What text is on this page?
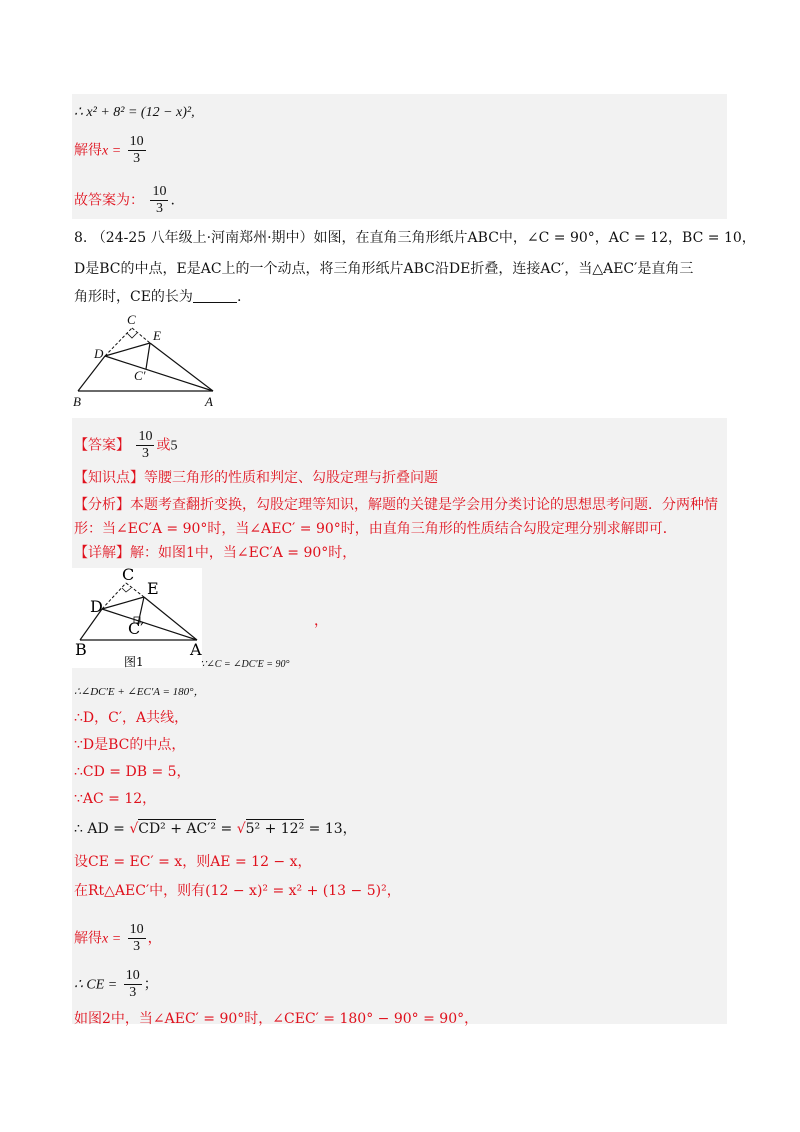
∴ x² + 8² = (12 − x)²,
解得$x = \frac{10}{3}$
故答案为： $\frac{10}{3}$ .
8. （24-25 八年级上·河南郑州·期中）如图，在直角三角形纸片ABC中，∠C = 90°，AC = 12，BC = 10，
D是BC的中点，E是AC上的一个动点，将三角形纸片ABC沿DE折叠，连接AC′，当△AEC′是直角三
角形时，CE的长为	.
C
E
D
C′
B	A
【答案】 $\frac{10}{3}$ 或5
【知识点】等腰三角形的性质和判定、勾股定理与折叠问题
【分析】本题考查翻折变换，勾股定理等知识，解题的关键是学会用分类讨论的思想思考问题．分两种情
形：当∠EC′A = 90°时，当∠AEC′ = 90°时，由直角三角形的性质结合勾股定理分别求解即可．
【详解】解：如图1中，当∠EC′A = 90°时，
C
E
D
C′
B	A
图1
，
∵∠C = ∠DC′E = 90°
∴∠DC′E + ∠EC′A = 180°，
∴D，C′，A共线，
∵D是BC的中点，
∴CD = DB = 5，
∵AC = 12，
∴ AD = √CD² + AC′² = √5² + 12² = 13，
设CE = EC′ = x，则AE = 12 − x，
在Rt△AEC′中，则有(12 − x)² = x² + (13 − 5)²，
解得$x = \frac{10}{3}$ ，
∴ CE = $\frac{10}{3}$ ；
如图2中，当∠AEC′ = 90°时，∠CEC′ = 180° − 90° = 90°，
